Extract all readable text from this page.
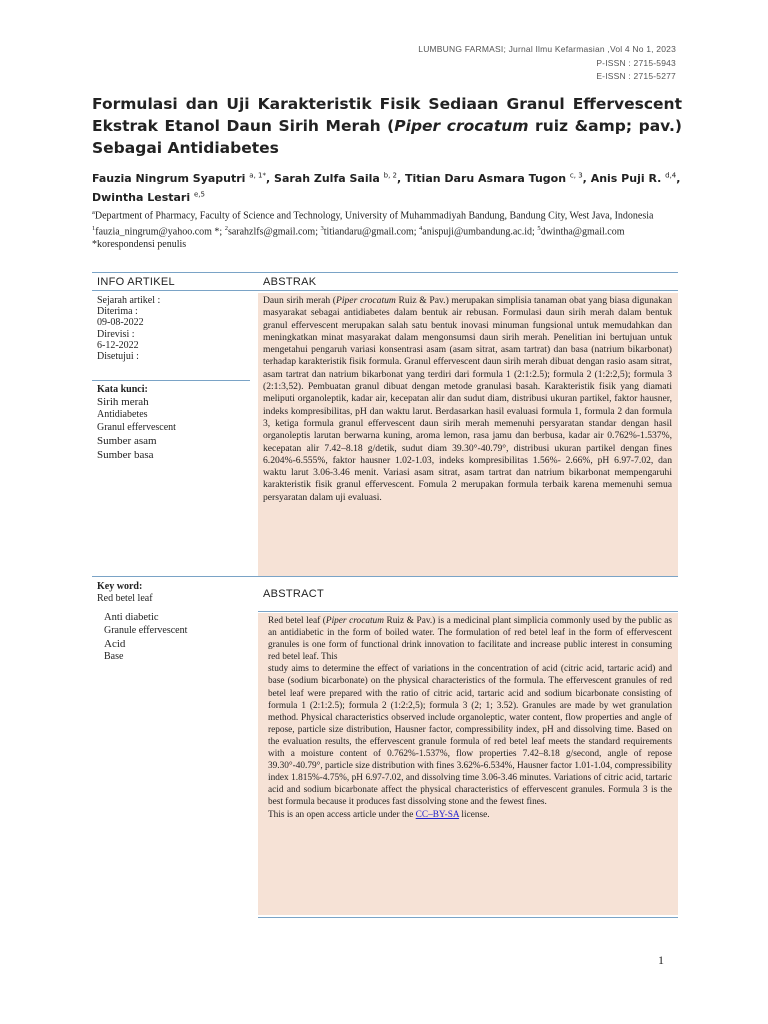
LUMBUNG FARMASI; Jurnal Ilmu Kefarmasian ,Vol 4 No 1, 2023
P-ISSN : 2715-5943
E-ISSN : 2715-5277
Formulasi dan Uji Karakteristik Fisik Sediaan Granul Effervescent Ekstrak Etanol Daun Sirih Merah (Piper crocatum ruiz &amp; pav.) Sebagai Antidiabetes
Fauzia Ningrum Syaputri $^{a, 1*}$, Sarah Zulfa Saila $^{b, 2}$, Titian Daru Asmara Tugon $^{c, 3}$, Anis Puji R. $^{d,4}$, Dwintha Lestari $^{e,5}$
$^a$Department of Pharmacy, Faculty of Science and Technology, University of Muhammadiyah Bandung, Bandung City, West Java, Indonesia
$^1$fauzia_ningrum@yahoo.com *; $^2$sarahzlfs@gmail.com; $^3$titiandaru@gmail.com; $^4$anispuji@umbandung.ac.id; $^5$dwintha@gmail.com
*korespondensi penulis
INFO ARTIKEL	ABSTRAK
Sejarah artikel :
Diterima :
09-08-2022
Direvisi :
6-12-2022
Disetujui :
Kata kunci:
Sirih merah
Antidiabetes
Granul effervescent
Sumber asam
Sumber basa
Daun sirih merah (Piper crocatum Ruiz & Pav.) merupakan simplisia tanaman obat yang biasa digunakan masyarakat sebagai antidiabetes dalam bentuk air rebusan. Formulasi daun sirih merah dalam bentuk granul effervescent merupakan salah satu bentuk inovasi minuman fungsional untuk memudahkan dan meningkatkan minat masyarakat dalam mengonsumsi daun sirih merah. Penelitian ini bertujuan untuk mengetahui pengaruh variasi konsentrasi asam (asam sitrat, asam tartrat) dan basa (natrium bikarbonat) terhadap karakteristik fisik formula. Granul effervescent daun sirih merah dibuat dengan rasio asam sitrat, asam tartrat dan natrium bikarbonat yang terdiri dari formula 1 (2:1:2.5); formula 2 (1:2:2,5); formula 3 (2:1:3,52). Pembuatan granul dibuat dengan metode granulasi basah. Karakteristik fisik yang diamati meliputi organoleptik, kadar air, kecepatan alir dan sudut diam, distribusi ukuran partikel, faktor hausner, indeks kompresibilitas, pH dan waktu larut. Berdasarkan hasil evaluasi formula 1, formula 2 dan formula 3, ketiga formula granul effervescent daun sirih merah memenuhi persyaratan standar dengan hasil organoleptis larutan berwarna kuning, aroma lemon, rasa jamu dan berbusa, kadar air 0.762%-1.537%, kecepatan alir 7.42–8.18 g/detik, sudut diam 39.30°-40.79°, distribusi ukuran partikel dengan fines 6.204%-6.555%, faktor hausner 1.02-1.03, indeks kompresibilitas 1.56%- 2.66%, pH 6.97-7.02, dan waktu larut 3.06-3.46 menit. Variasi asam sitrat, asam tartrat dan natrium bikarbonat mempengaruhi karakteristik fisik granul effervescent. Fomula 2 merupakan formula terbaik karena memenuhi semua persyaratan dalam uji evaluasi.
Key word:
Red betel leaf
Anti diabetic
Granule effervescent
Acid
Base
ABSTRACT

Red betel leaf (Piper crocatum Ruiz & Pav.) is a medicinal plant simplicia commonly used by the public as an antidiabetic in the form of boiled water. The formulation of red betel leaf in the form of effervescent granules is one form of functional drink innovation to facilitate and increase public interest in consuming red betel leaf. This

study aims to determine the effect of variations in the concentration of acid (citric acid, tartaric acid) and base (sodium bicarbonate) on the physical characteristics of the formula. The effervescent granules of red betel leaf were prepared with the ratio of citric acid, tartaric acid and sodium bicarbonate consisting of formula 1 (2:1:2.5); formula 2 (1:2:2,5); formula 3 (2; 1; 3.52). Granules are made by wet granulation method. Physical characteristics observed include organoleptic, water content, flow properties and angle of repose, particle size distribution, Hausner factor, compressibility index, pH and dissolving time. Based on the evaluation results, the effervescent granule formula of red betel leaf meets the standard requirements with a moisture content of 0.762%-1.537%, flow properties 7.42–8.18 g/second, angle of repose 39.30°-40.79°, particle size distribution with fines 3.62%-6.534%, Hausner factor 1.01-1.04, compressibility index 1.815%-4.75%, pH 6.97-7.02, and dissolving time 3.06-3.46 minutes. Variations of citric acid, tartaric acid and sodium bicarbonate affect the physical characteristics of effervescent granules. Formula 3 is the best formula because it produces fast dissolving stone and the fewest fines.

This is an open access article under the CC–BY-SA license.

1
